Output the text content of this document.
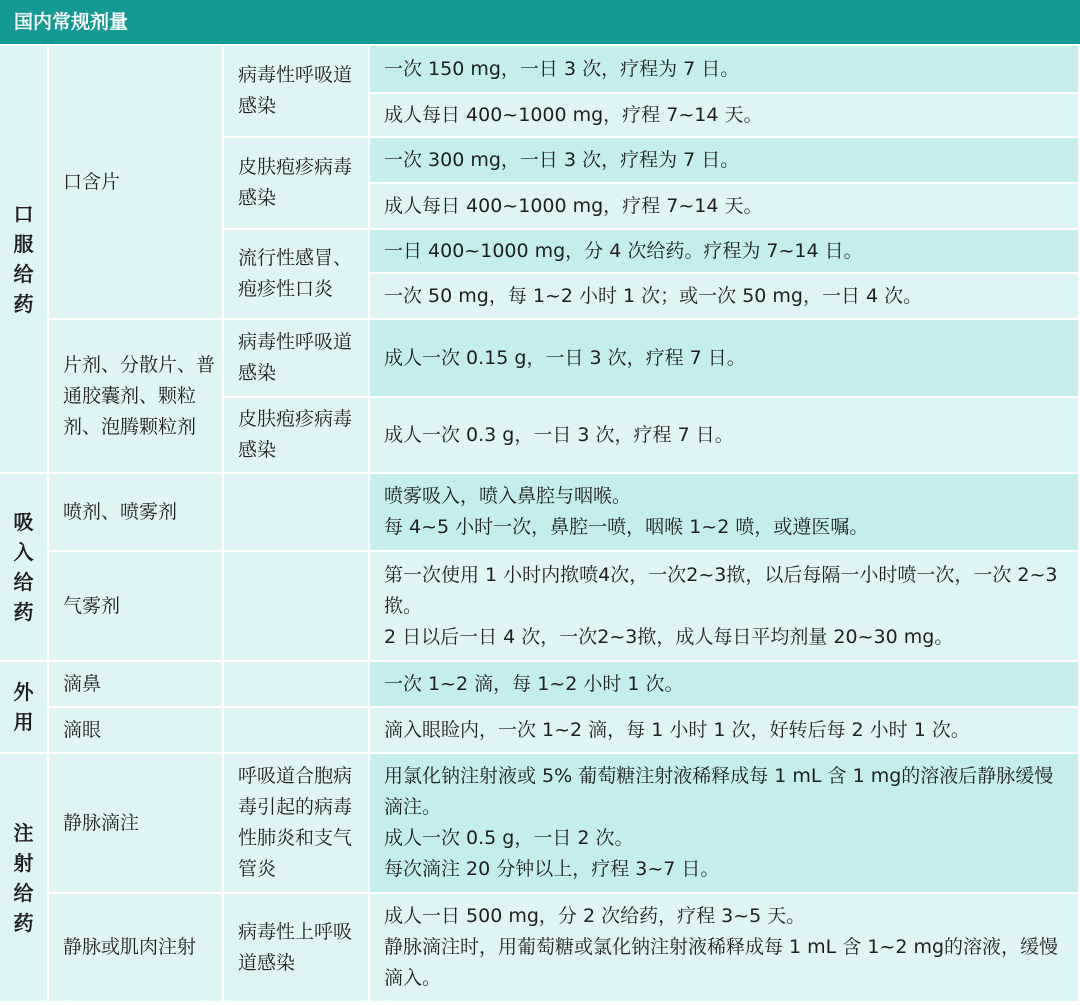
国内常规剂量
口服给药
吸入给药
外用
注射给药
口含片
片剂、分散片、普通胶囊剂、颗粒剂、泡腾颗粒剂
喷剂、喷雾剂
气雾剂
滴鼻
滴眼
静脉滴注
静脉或肌肉注射
病毒性呼吸道感染
皮肤疱疹病毒感染
流行性感冒、疱疹性口炎
病毒性呼吸道感染
皮肤疱疹病毒感染
呼吸道合胞病毒引起的病毒性肺炎和支气管炎
病毒性上呼吸道感染
一次 150 mg，一日 3 次，疗程为 7 日。
成人每日 400~1000 mg，疗程 7~14 天。
一次 300 mg，一日 3 次，疗程为 7 日。
成人每日 400~1000 mg，疗程 7~14 天。
一日 400~1000 mg，分 4 次给药。疗程为 7~14 日。
一次 50 mg，每 1~2 小时 1 次；或一次 50 mg，一日 4 次。
成人一次 0.15 g，一日 3 次，疗程 7 日。
成人一次 0.3 g，一日 3 次，疗程 7 日。
喷雾吸入，喷入鼻腔与咽喉。
每 4~5 小时一次，鼻腔一喷，咽喉 1~2 喷，或遵医嘱。
第一次使用 1 小时内揿喷4次，一次2~3揿，以后每隔一小时喷一次，一次 2~3 揿。
2 日以后一日 4 次，一次2~3揿，成人每日平均剂量 20~30 mg。
一次 1~2 滴，每 1~2 小时 1 次。
滴入眼睑内，一次 1~2 滴，每 1 小时 1 次，好转后每 2 小时 1 次。
用氯化钠注射液或 5% 葡萄糖注射液稀释成每 1 mL 含 1 mg的溶液后静脉缓慢滴注。
成人一次 0.5 g，一日 2 次。
每次滴注 20 分钟以上，疗程 3~7 日。
成人一日 500 mg，分 2 次给药，疗程 3~5 天。
静脉滴注时，用葡萄糖或氯化钠注射液稀释成每 1 mL 含 1~2 mg的溶液，缓慢滴入。
